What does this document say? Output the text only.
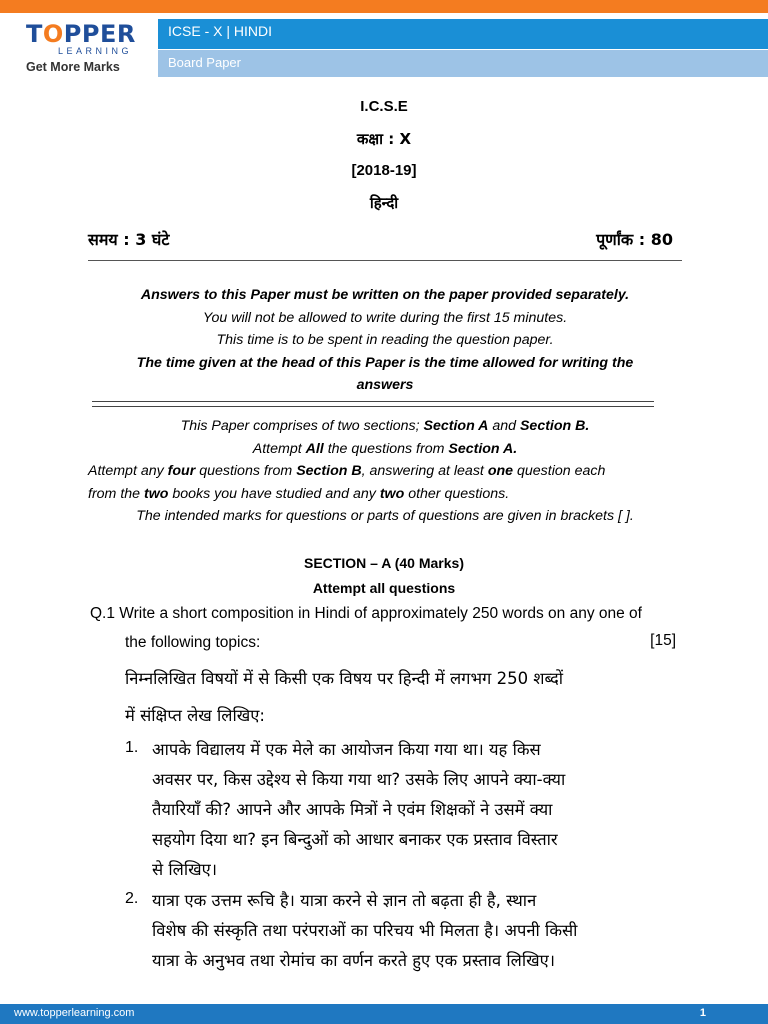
TOPPER
LEARNING
Get More Marks
ICSE - X | HINDI
Board Paper
I.C.S.E
कक्षा : X
[2018-19]
हिन्दी
समय : 3 घंटे	पूर्णांक : 80
Answers to this Paper must be written on the paper provided separately.
You will not be allowed to write during the first 15 minutes.
This time is to be spent in reading the question paper.
The time given at the head of this Paper is the time allowed for writing the
answers
This Paper comprises of two sections; Section A and Section B.
Attempt All the questions from Section A.
Attempt any four questions from Section B, answering at least one question each
from the two books you have studied and any two other questions.
The intended marks for questions or parts of questions are given in brackets [ ].
SECTION – A (40 Marks)
Attempt all questions
Q.1 Write a short composition in Hindi of approximately 250 words on any one of
the following topics:	[15]
निम्नलिखित विषयों में से किसी एक विषय पर हिन्दी में लगभग 250 शब्दों
में संक्षिप्त लेख लिखिए:
1. आपके विद्यालय में एक मेले का आयोजन किया गया था। यह किस
अवसर पर, किस उद्देश्य से किया गया था? उसके लिए आपने क्या-क्या
तैयारियाँ की? आपने और आपके मित्रों ने एवंम शिक्षकों ने उसमें क्या
सहयोग दिया था? इन बिन्दुओं को आधार बनाकर एक प्रस्ताव विस्तार
से लिखिए।
2. यात्रा एक उत्तम रूचि है। यात्रा करने से ज्ञान तो बढ़ता ही है, स्थान
विशेष की संस्कृति तथा परंपराओं का परिचय भी मिलता है। अपनी किसी
यात्रा के अनुभव तथा रोमांच का वर्णन करते हुए एक प्रस्ताव लिखिए।
www.topperlearning.com	1
